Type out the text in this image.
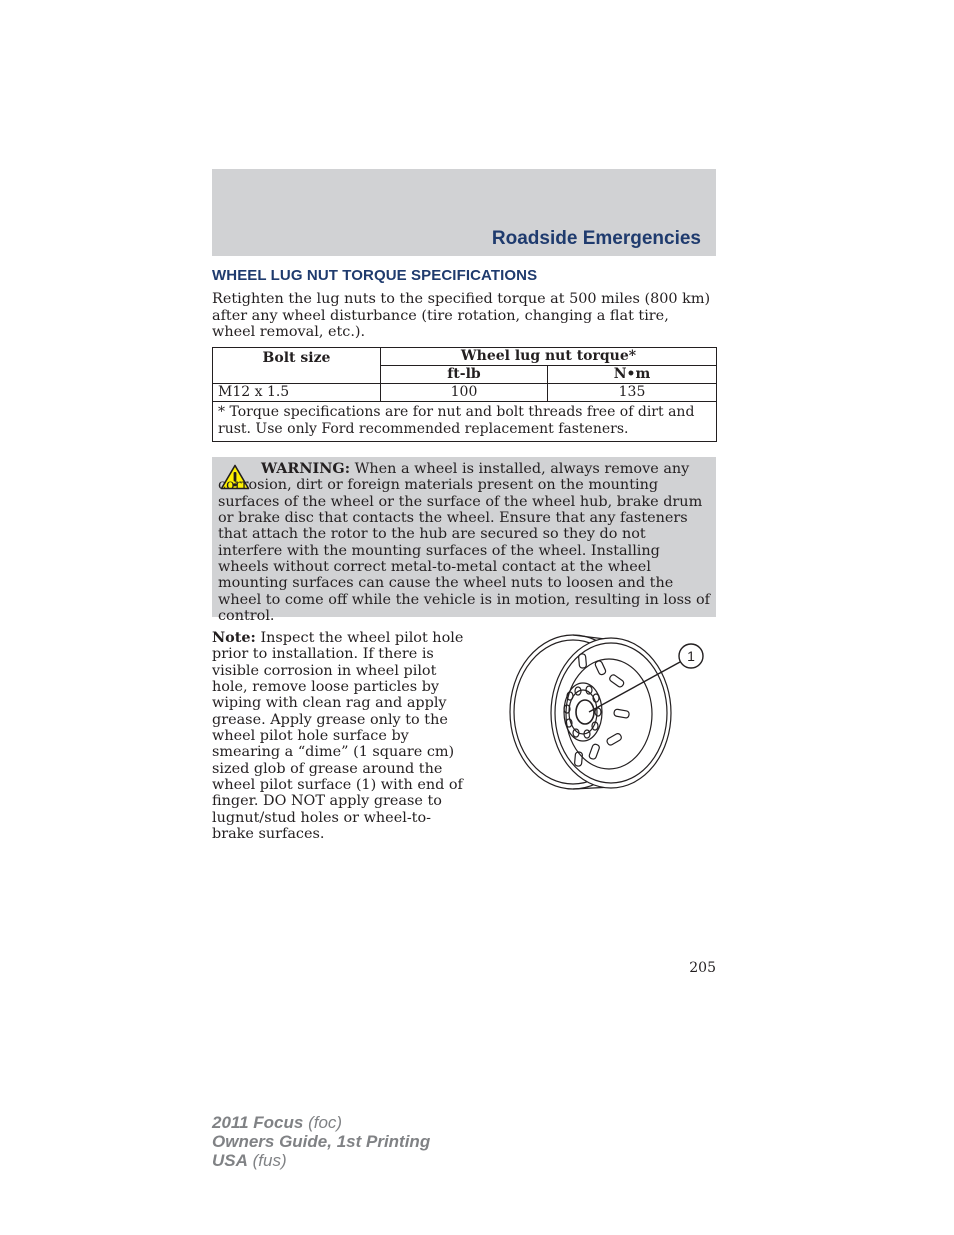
Roadside Emergencies
WHEEL LUG NUT TORQUE SPECIFICATIONS
Retighten the lug nuts to the specified torque at 500 miles (800 km) after any wheel disturbance (tire rotation, changing a flat tire, wheel removal, etc.).
Bolt size	Wheel lug nut torque*	
	ft-lb	N•m
M12 x 1.5	100	135
* Torque specifications are for nut and bolt threads free of dirt and rust. Use only Ford recommended replacement fasteners.		
WARNING: When a wheel is installed, always remove any corrosion, dirt or foreign materials present on the mounting surfaces of the wheel or the surface of the wheel hub, brake drum or brake disc that contacts the wheel. Ensure that any fasteners that attach the rotor to the hub are secured so they do not interfere with the mounting surfaces of the wheel. Installing wheels without correct metal-to-metal contact at the wheel mounting surfaces can cause the wheel nuts to loosen and the wheel to come off while the vehicle is in motion, resulting in loss of control.
Note: Inspect the wheel pilot hole prior to installation. If there is visible corrosion in wheel pilot hole, remove loose particles by wiping with clean rag and apply grease. Apply grease only to the wheel pilot hole surface by smearing a “dime” (1 square cm) sized glob of grease around the wheel pilot surface (1) with end of finger. DO NOT apply grease to lugnut/stud holes or wheel-to-brake surfaces.
1
205
2011 Focus (foc)
Owners Guide, 1st Printing
USA (fus)
